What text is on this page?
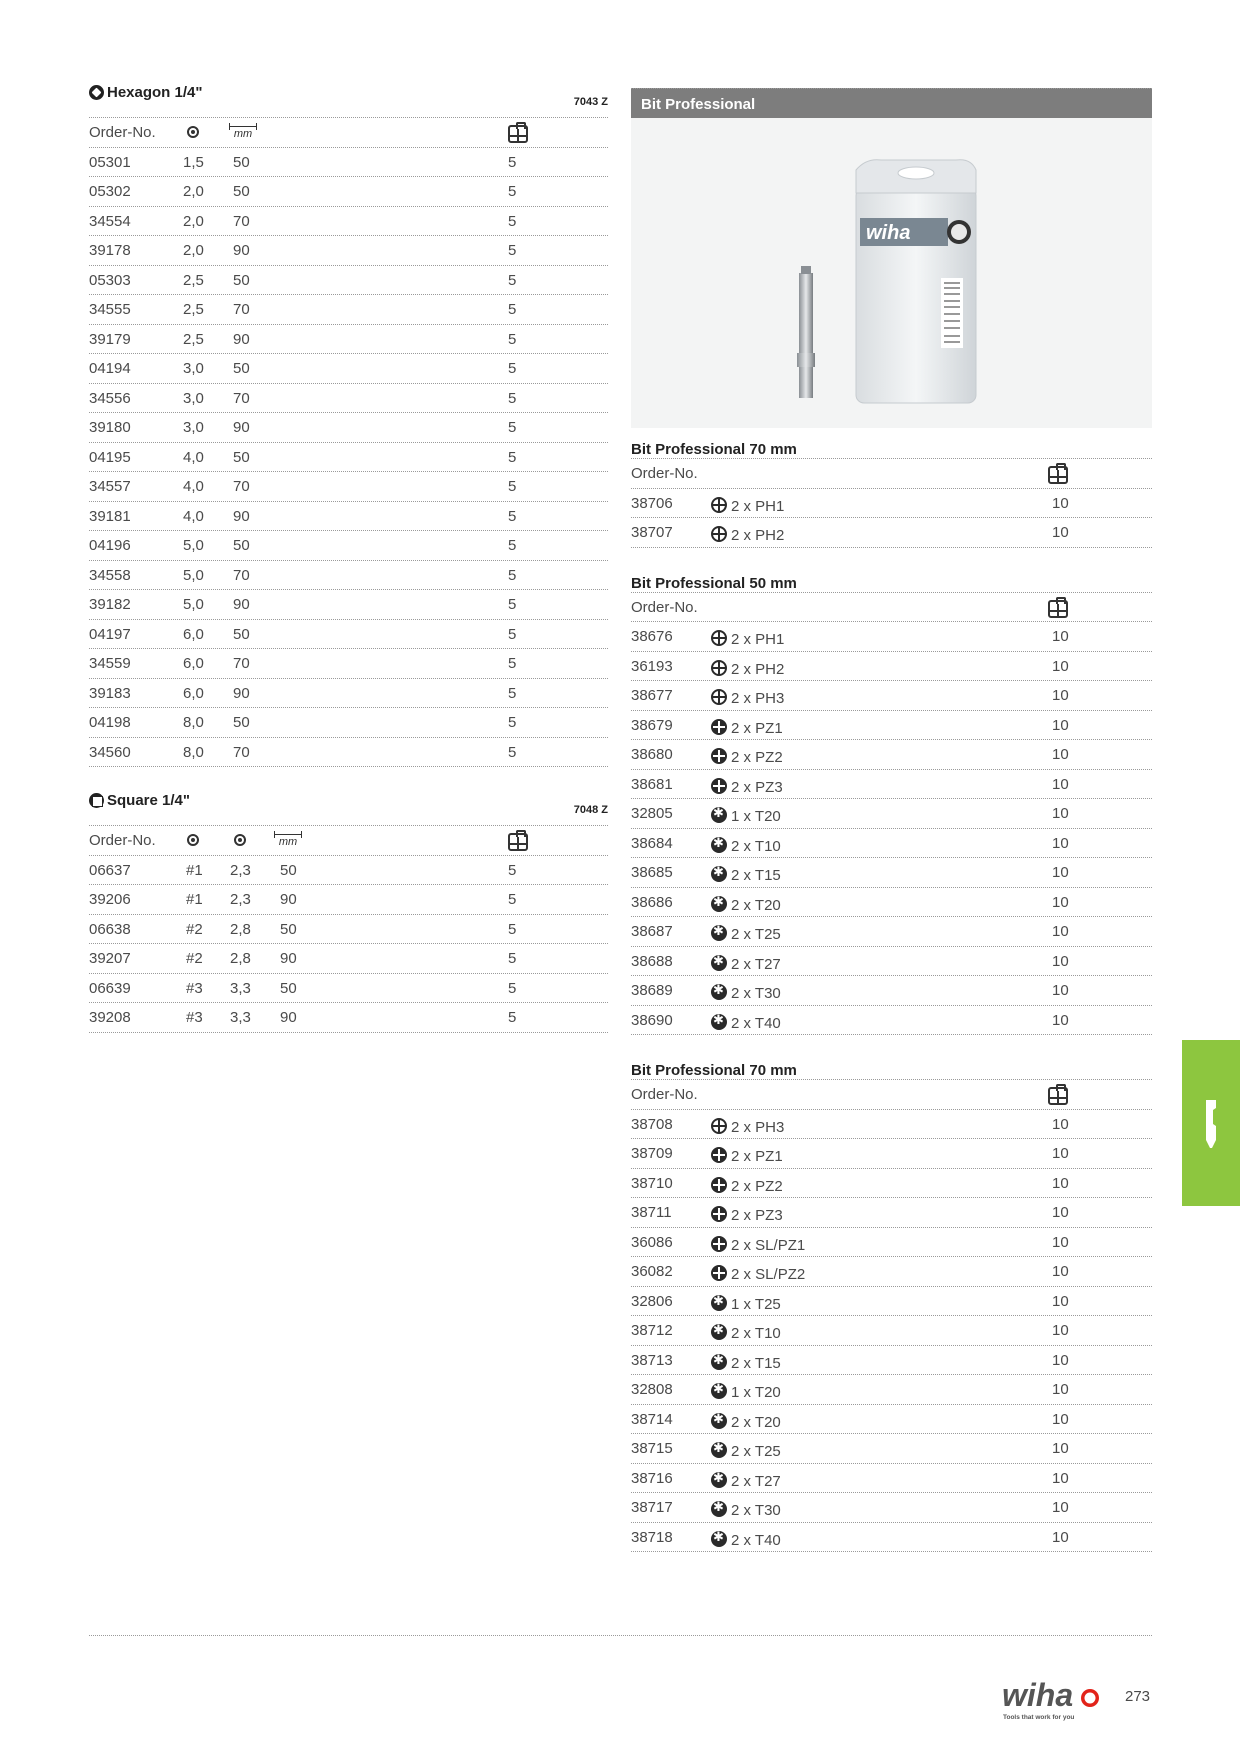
Hexagon 1/4"
7043 Z
Order-No.	mm
05301	1,5 50	5
05302	2,0 50	5
34554	2,0 70	5
39178	2,0 90	5
05303	2,5 50	5
34555	2,5 70	5
39179	2,5 90	5
04194	3,0 50	5
34556	3,0 70	5
39180	3,0 90	5
04195	4,0 50	5
34557	4,0 70	5
39181	4,0 90	5
04196	5,0 50	5
34558	5,0 70	5
39182	5,0 90	5
04197	6,0 50	5
34559	6,0 70	5
39183	6,0 90	5
04198	8,0 50	5
34560	8,0 70	5
Square 1/4"
7048 Z
Order-No.	mm
06637	#1 2,3 50	5
39206	#1 2,3 90	5
06638	#2 2,8 50	5
39207	#2 2,8 90	5
06639	#3 3,3 50	5
39208	#3 3,3 90	5
Bit Professional
wiha
Bit Professional 70 mm
Order-No.
38706	2 x PH1	10
38707	2 x PH2	10
Bit Professional 50 mm
Order-No.
38676	2 x PH1	10
36193	2 x PH2	10
38677	2 x PH3	10
38679	2 x PZ1	10
38680	2 x PZ2	10
38681	2 x PZ3	10
32805 ✱	1 x T20	10
38684 ✱	2 x T10	10
38685 ✱	2 x T15	10
38686 ✱	2 x T20	10
38687 ✱	2 x T25	10
38688 ✱	2 x T27	10
38689 ✱	2 x T30	10
38690 ✱	2 x T40	10
Bit Professional 70 mm
Order-No.
38708	2 x PH3	10
38709	2 x PZ1	10
38710	2 x PZ2	10
38711	2 x PZ3	10
36086	2 x SL/PZ1	10
36082	2 x SL/PZ2	10
32806 ✱	1 x T25	10
38712 ✱	2 x T10	10
38713 ✱	2 x T15	10
32808 ✱	1 x T20	10
38714 ✱	2 x T20	10
38715 ✱	2 x T25	10
38716 ✱	2 x T27	10
38717 ✱	2 x T30	10
38718 ✱	2 x T40	10
wiha
Tools that work for you
273
